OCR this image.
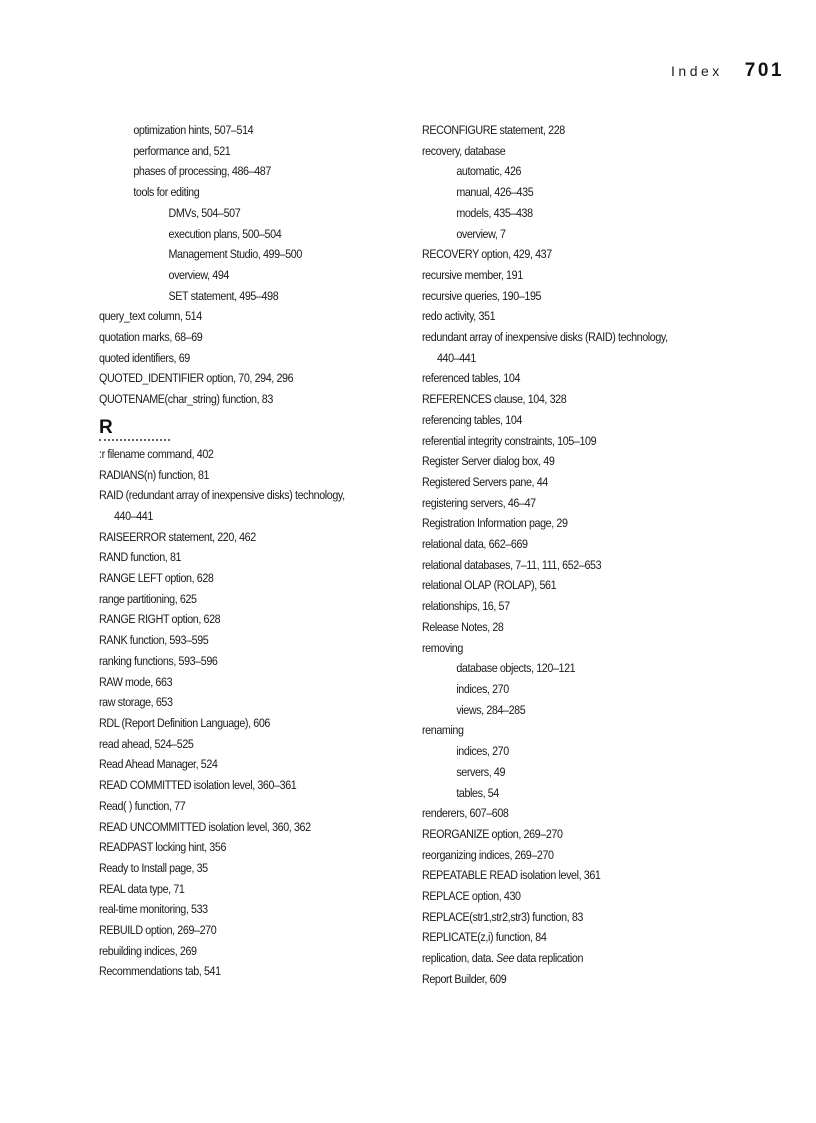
Index 701
optimization hints, 507–514
performance and, 521
phases of processing, 486–487
tools for editing
DMVs, 504–507
execution plans, 500–504
Management Studio, 499–500
overview, 494
SET statement, 495–498
query_text column, 514
quotation marks, 68–69
quoted identifiers, 69
QUOTED_IDENTIFIER option, 70, 294, 296
QUOTENAME(char_string) function, 83
R
:r filename command, 402
RADIANS(n) function, 81
RAID (redundant array of inexpensive disks) technology,
440–441
RAISEERROR statement, 220, 462
RAND function, 81
RANGE LEFT option, 628
range partitioning, 625
RANGE RIGHT option, 628
RANK function, 593–595
ranking functions, 593–596
RAW mode, 663
raw storage, 653
RDL (Report Definition Language), 606
read ahead, 524–525
Read Ahead Manager, 524
READ COMMITTED isolation level, 360–361
Read( ) function, 77
READ UNCOMMITTED isolation level, 360, 362
READPAST locking hint, 356
Ready to Install page, 35
REAL data type, 71
real-time monitoring, 533
REBUILD option, 269–270
rebuilding indices, 269
Recommendations tab, 541
RECONFIGURE statement, 228
recovery, database
automatic, 426
manual, 426–435
models, 435–438
overview, 7
RECOVERY option, 429, 437
recursive member, 191
recursive queries, 190–195
redo activity, 351
redundant array of inexpensive disks (RAID) technology,
440–441
referenced tables, 104
REFERENCES clause, 104, 328
referencing tables, 104
referential integrity constraints, 105–109
Register Server dialog box, 49
Registered Servers pane, 44
registering servers, 46–47
Registration Information page, 29
relational data, 662–669
relational databases, 7–11, 111, 652–653
relational OLAP (ROLAP), 561
relationships, 16, 57
Release Notes, 28
removing
database objects, 120–121
indices, 270
views, 284–285
renaming
indices, 270
servers, 49
tables, 54
renderers, 607–608
REORGANIZE option, 269–270
reorganizing indices, 269–270
REPEATABLE READ isolation level, 361
REPLACE option, 430
REPLACE(str1,str2,str3) function, 83
REPLICATE(z,i) function, 84
replication, data. See data replication
Report Builder, 609
